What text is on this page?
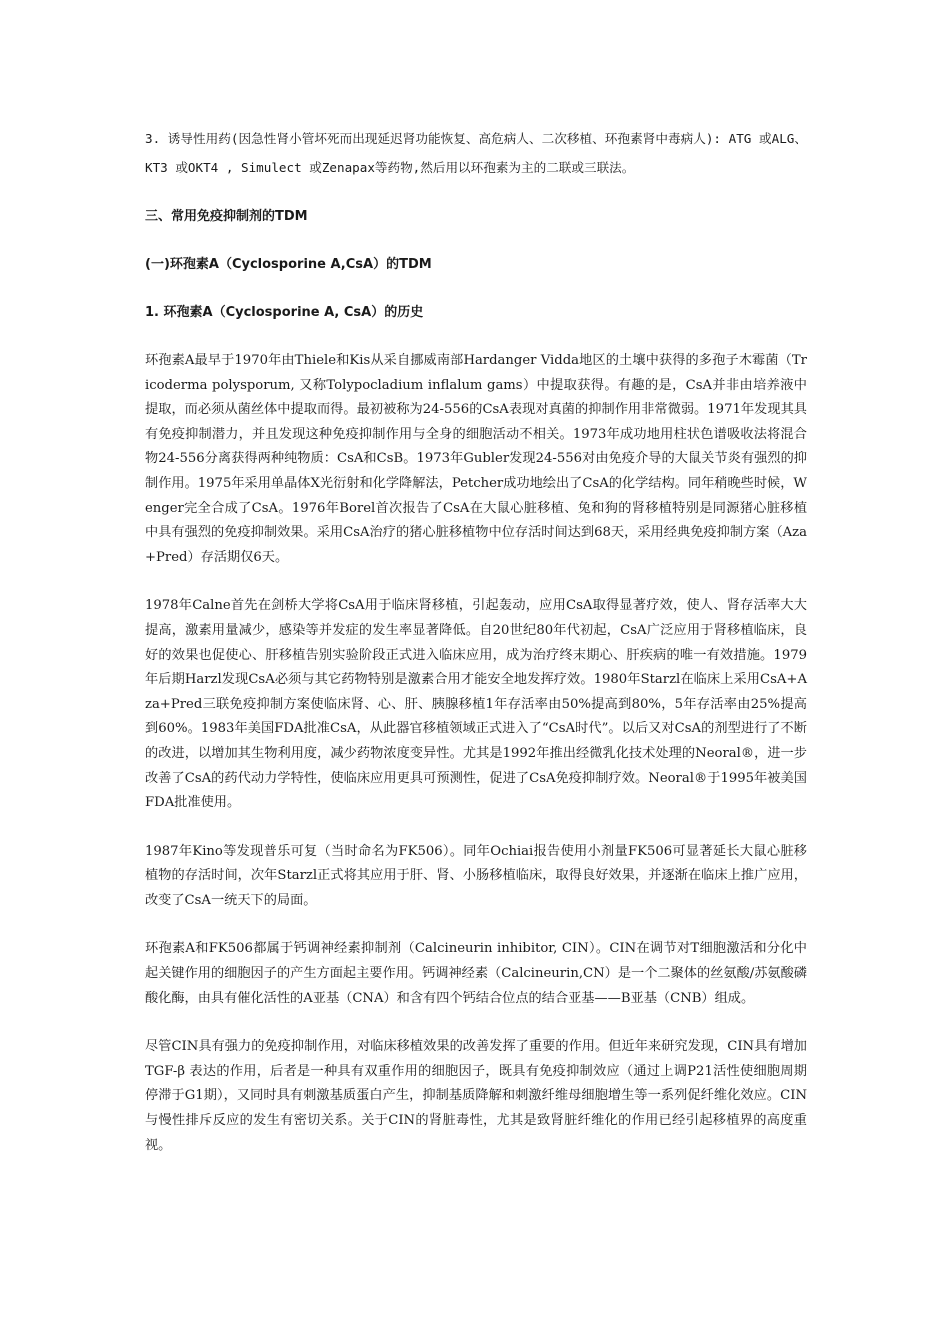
3. 诱导性用药(因急性肾小管坏死而出现延迟肾功能恢复、高危病人、二次移植、环孢素肾中毒病人): ATG 或ALG、KT3 或OKT4 , Simulect 或Zenapax等药物,然后用以环孢素为主的二联或三联法。

三、常用免疫抑制剂的TDM
(一)环孢素A（Cyclosporine A,CsA）的TDM
1. 环孢素A（Cyclosporine A, CsA）的历史

环孢素A最早于1970年由Thiele和Kis从采自挪威南部Hardanger Vidda地区的土壤中获得的多孢子木霉菌（Tricoderma polysporum, 又称Tolypocladium inflalum gams）中提取获得。有趣的是，CsA并非由培养液中提取，而必须从菌丝体中提取而得。最初被称为24-556的CsA表现对真菌的抑制作用非常微弱。1971年发现其具有免疫抑制潜力，并且发现这种免疫抑制作用与全身的细胞活动不相关。1973年成功地用柱状色谱吸收法将混合物24-556分离获得两种纯物质：CsA和CsB。1973年Gubler发现24-556对由免疫介导的大鼠关节炎有强烈的抑制作用。1975年采用单晶体X光衍射和化学降解法，Petcher成功地绘出了CsA的化学结构。同年稍晚些时候，Wenger完全合成了CsA。1976年Borel首次报告了CsA在大鼠心脏移植、兔和狗的肾移植特别是同源猪心脏移植中具有强烈的免疫抑制效果。采用CsA治疗的猪心脏移植物中位存活时间达到68天，采用经典免疫抑制方案（Aza+Pred）存活期仅6天。

1978年Calne首先在剑桥大学将CsA用于临床肾移植，引起轰动，应用CsA取得显著疗效，使人、肾存活率大大提高，激素用量减少，感染等并发症的发生率显著降低。自20世纪80年代初起，CsA广泛应用于肾移植临床，良好的效果也促使心、肝移植告别实验阶段正式进入临床应用，成为治疗终末期心、肝疾病的唯一有效措施。1979年后期Harzl发现CsA必须与其它药物特别是激素合用才能安全地发挥疗效。1980年Starzl在临床上采用CsA+Aza+Pred三联免疫抑制方案使临床肾、心、肝、胰腺移植1年存活率由50%提高到80%，5年存活率由25%提高到60%。1983年美国FDA批准CsA，从此器官移植领域正式进入了“CsA时代”。以后又对CsA的剂型进行了不断的改进，以增加其生物利用度，减少药物浓度变异性。尤其是1992年推出经微乳化技术处理的Neoral®，进一步改善了CsA的药代动力学特性，使临床应用更具可预测性，促进了CsA免疫抑制疗效。Neoral®于1995年被美国FDA批准使用。

1987年Kino等发现普乐可复（当时命名为FK506）。同年Ochiai报告使用小剂量FK506可显著延长大鼠心脏移植物的存活时间，次年Starzl正式将其应用于肝、肾、小肠移植临床，取得良好效果，并逐渐在临床上推广应用，改变了CsA一统天下的局面。

环孢素A和FK506都属于钙调神经素抑制剂（Calcineurin inhibitor, CIN）。CIN在调节对T细胞激活和分化中起关键作用的细胞因子的产生方面起主要作用。钙调神经素（Calcineurin,CN）是一个二聚体的丝氨酸/苏氨酸磷酸化酶，由具有催化活性的A亚基（CNA）和含有四个钙结合位点的结合亚基——B亚基（CNB）组成。

尽管CIN具有强力的免疫抑制作用，对临床移植效果的改善发挥了重要的作用。但近年来研究发现，CIN具有增加TGF-β 表达的作用，后者是一种具有双重作用的细胞因子，既具有免疫抑制效应（通过上调P21活性使细胞周期停滞于G1期），又同时具有刺激基质蛋白产生，抑制基质降解和刺激纤维母细胞增生等一系列促纤维化效应。CIN与慢性排斥反应的发生有密切关系。关于CIN的肾脏毒性，尤其是致肾脏纤维化的作用已经引起移植界的高度重视。
